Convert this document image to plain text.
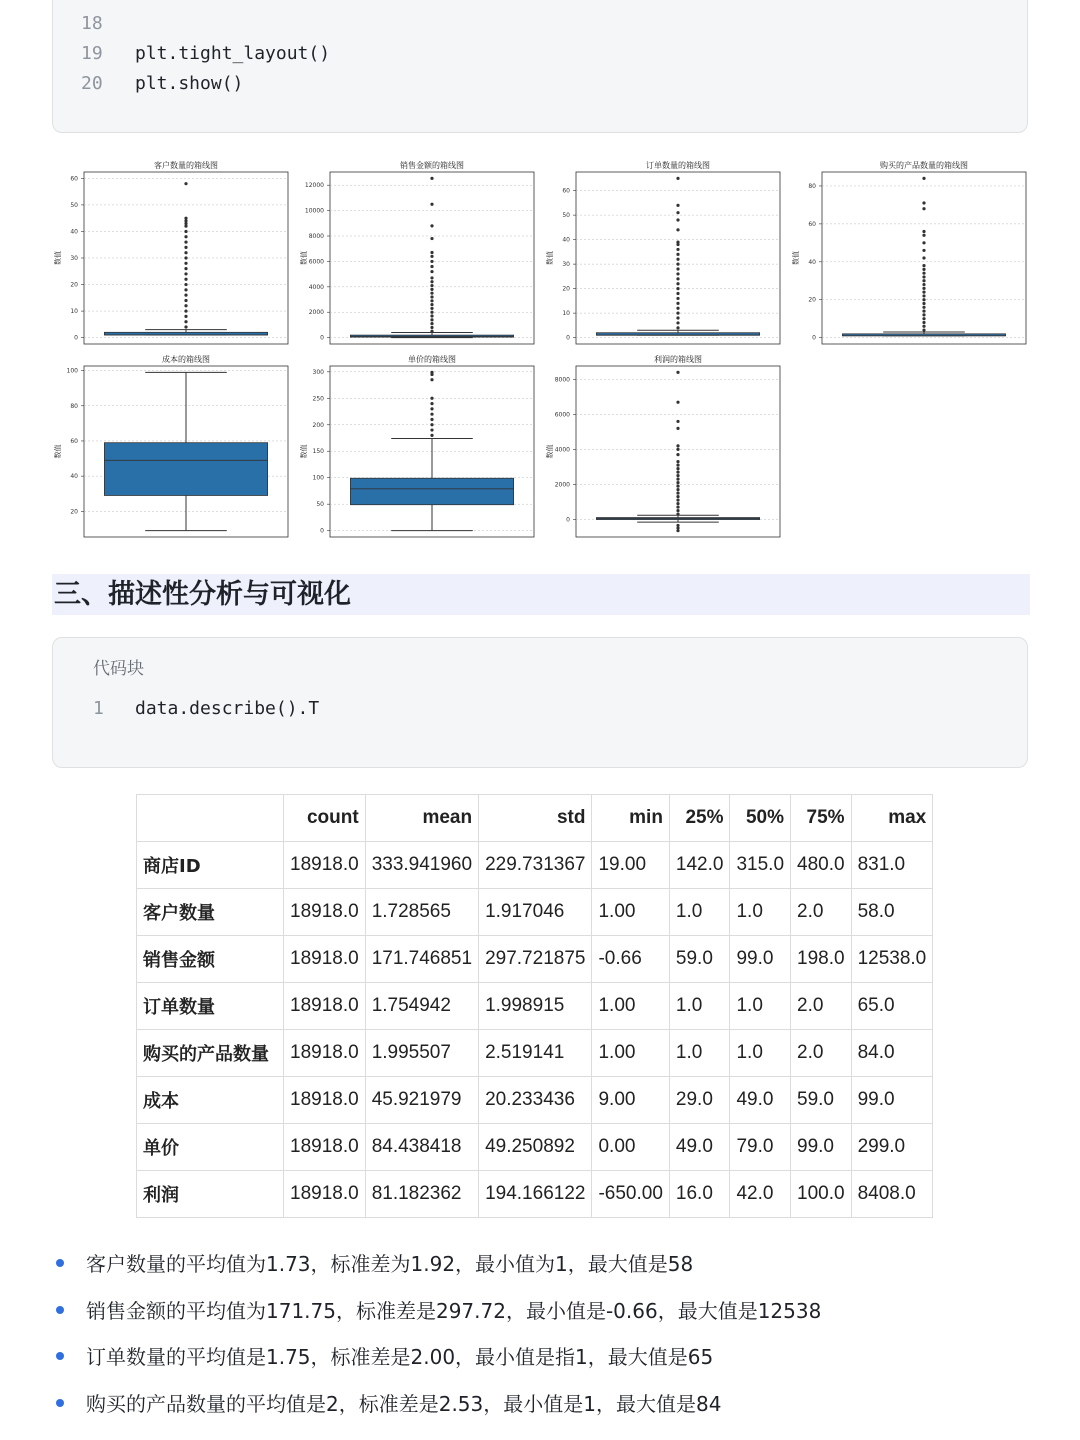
18
19 plt.tight_layout()
20 plt.show()
0
10
20
30
40
50
60
客户数量的箱线图
数值
0
2000
4000
6000
8000
10000
12000
销售金额的箱线图
数值
0
10
20
30
40
50
60
订单数量的箱线图
数值
0
20
40
60
80
购买的产品数量的箱线图
数值
20
40
60
80
100
成本的箱线图
数值
0
50
100
150
200
250
300
单价的箱线图
数值
0
2000
4000
6000
8000
利润的箱线图
数值
三、描述性分析与可视化
代码块
1 data.describe().T
	count	mean	std	min	25%	50%	75%	max
商店ID	18918.0	333.941960	229.731367	19.00	142.0	315.0	480.0	831.0
客户数量	18918.0	1.728565	1.917046	1.00	1.0	1.0	2.0	58.0
销售金额	18918.0	171.746851	297.721875	-0.66	59.0	99.0	198.0	12538.0
订单数量	18918.0	1.754942	1.998915	1.00	1.0	1.0	2.0	65.0
购买的产品数量	18918.0	1.995507	2.519141	1.00	1.0	1.0	2.0	84.0
成本	18918.0	45.921979	20.233436	9.00	29.0	49.0	59.0	99.0
单价	18918.0	84.438418	49.250892	0.00	49.0	79.0	99.0	299.0
利润	18918.0	81.182362	194.166122	-650.00	16.0	42.0	100.0	8408.0
客户数量的平均值为1.73，标准差为1.92，最小值为1，最大值是58
销售金额的平均值为171.75，标准差是297.72，最小值是-0.66，最大值是12538
订单数量的平均值是1.75，标准差是2.00，最小值是指1，最大值是65
购买的产品数量的平均值是2，标准差是2.53，最小值是1，最大值是84
